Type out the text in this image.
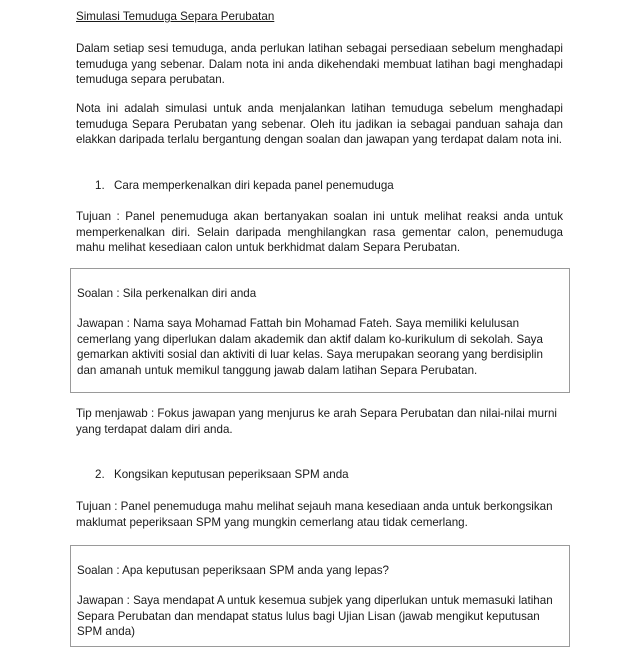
Simulasi Temuduga Separa Perubatan
Dalam setiap sesi temuduga, anda perlukan latihan sebagai persediaan sebelum menghadapi temuduga yang sebenar. Dalam nota ini anda dikehendaki membuat latihan bagi menghadapi temuduga separa perubatan.
Nota ini adalah simulasi untuk anda menjalankan latihan temuduga sebelum menghadapi temuduga Separa Perubatan yang sebenar. Oleh itu jadikan ia sebagai panduan sahaja dan elakkan daripada terlalu bergantung dengan soalan dan jawapan yang terdapat dalam nota ini.
1. Cara memperkenalkan diri kepada panel penemuduga
Tujuan : Panel penemuduga akan bertanyakan soalan ini untuk melihat reaksi anda untuk memperkenalkan diri. Selain daripada menghilangkan rasa gementar calon, penemuduga mahu melihat kesediaan calon untuk berkhidmat dalam Separa Perubatan.
Soalan : Sila perkenalkan diri anda
Jawapan : Nama saya Mohamad Fattah bin Mohamad Fateh. Saya memiliki kelulusan cemerlang yang diperlukan dalam akademik dan aktif dalam ko-kurikulum di sekolah. Saya gemarkan aktiviti sosial dan aktiviti di luar kelas. Saya merupakan seorang yang berdisiplin dan amanah untuk memikul tanggung jawab dalam latihan Separa Perubatan.
Tip menjawab : Fokus jawapan yang menjurus ke arah Separa Perubatan dan nilai-nilai murni yang terdapat dalam diri anda.
2. Kongsikan keputusan peperiksaan SPM anda
Tujuan : Panel penemuduga mahu melihat sejauh mana kesediaan anda untuk berkongsikan maklumat peperiksaan SPM yang mungkin cemerlang atau tidak cemerlang.
Soalan : Apa keputusan peperiksaan SPM anda yang lepas?
Jawapan : Saya mendapat A untuk kesemua subjek yang diperlukan untuk memasuki latihan Separa Perubatan dan mendapat status lulus bagi Ujian Lisan (jawab mengikut keputusan SPM anda)
